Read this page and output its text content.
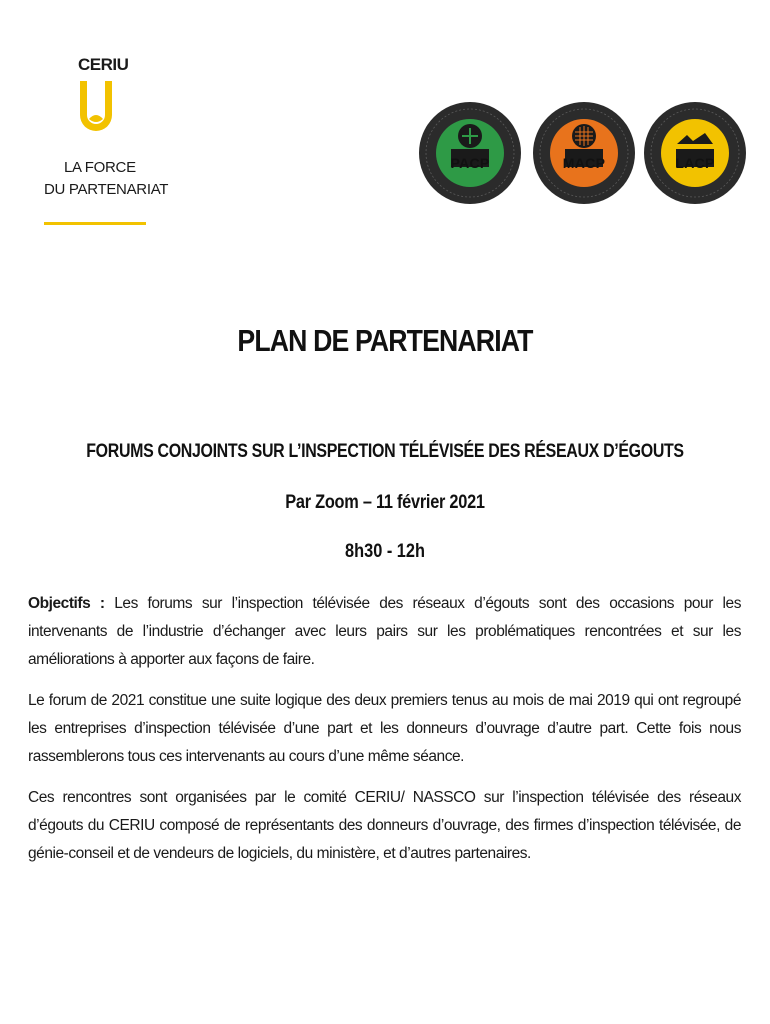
CERIU
LA FORCE
DU PARTENARIAT
PACP	MACP	LACP
PLAN DE PARTENARIAT
FORUMS CONJOINTS SUR L’INSPECTION TÉLÉVISÉE DES RÉSEAUX D’ÉGOUTS
Par Zoom – 11 février 2021
8h30 - 12h

Objectifs : Les forums sur l’inspection télévisée des réseaux d’égouts sont des occasions pour les intervenants de l’industrie d’échanger avec leurs pairs sur les problématiques rencontrées et sur les améliorations à apporter aux façons de faire.

Le forum de 2021 constitue une suite logique des deux premiers tenus au mois de mai 2019 qui ont regroupé les entreprises d’inspection télévisée d’une part et les donneurs d’ouvrage d’autre part. Cette fois nous rassemblerons tous ces intervenants au cours d’une même séance.

Ces rencontres sont organisées par le comité CERIU/ NASSCO sur l’inspection télévisée des réseaux d’égouts du CERIU composé de représentants des donneurs d’ouvrage, des firmes d’inspection télévisée, de génie-conseil et de vendeurs de logiciels, du ministère, et d’autres partenaires.
